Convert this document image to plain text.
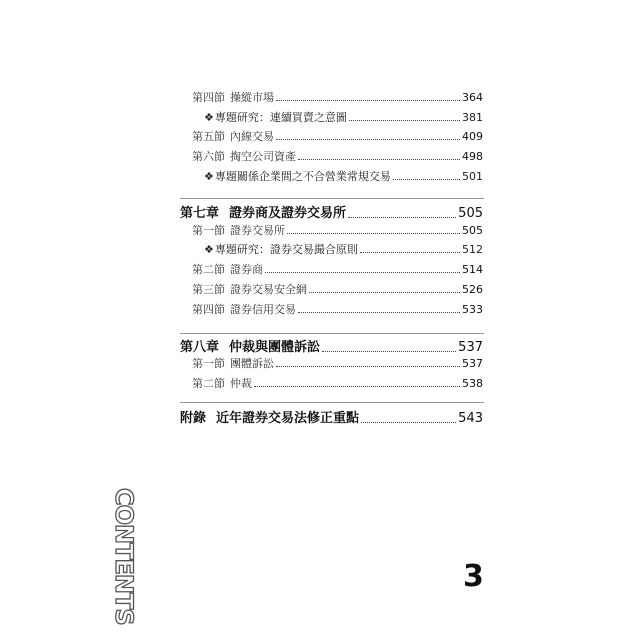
第四節 操縱市場	364
❖ 專題研究：連續買賣之意圖	381
第五節 內線交易	409
第六節 掏空公司資產	498
❖ 專題關係企業間之不合營業常規交易	501
第七章 證券商及證券交易所	505
第一節 證券交易所	505
❖ 專題研究：證券交易撮合原則	512
第二節 證券商	514
第三節 證券交易安全網	526
第四節 證券信用交易	533
第八章 仲裁與團體訴訟	537
第一節 團體訴訟	537
第二節 仲裁	538
附錄 近年證券交易法修正重點	543
CONTENTS	3
